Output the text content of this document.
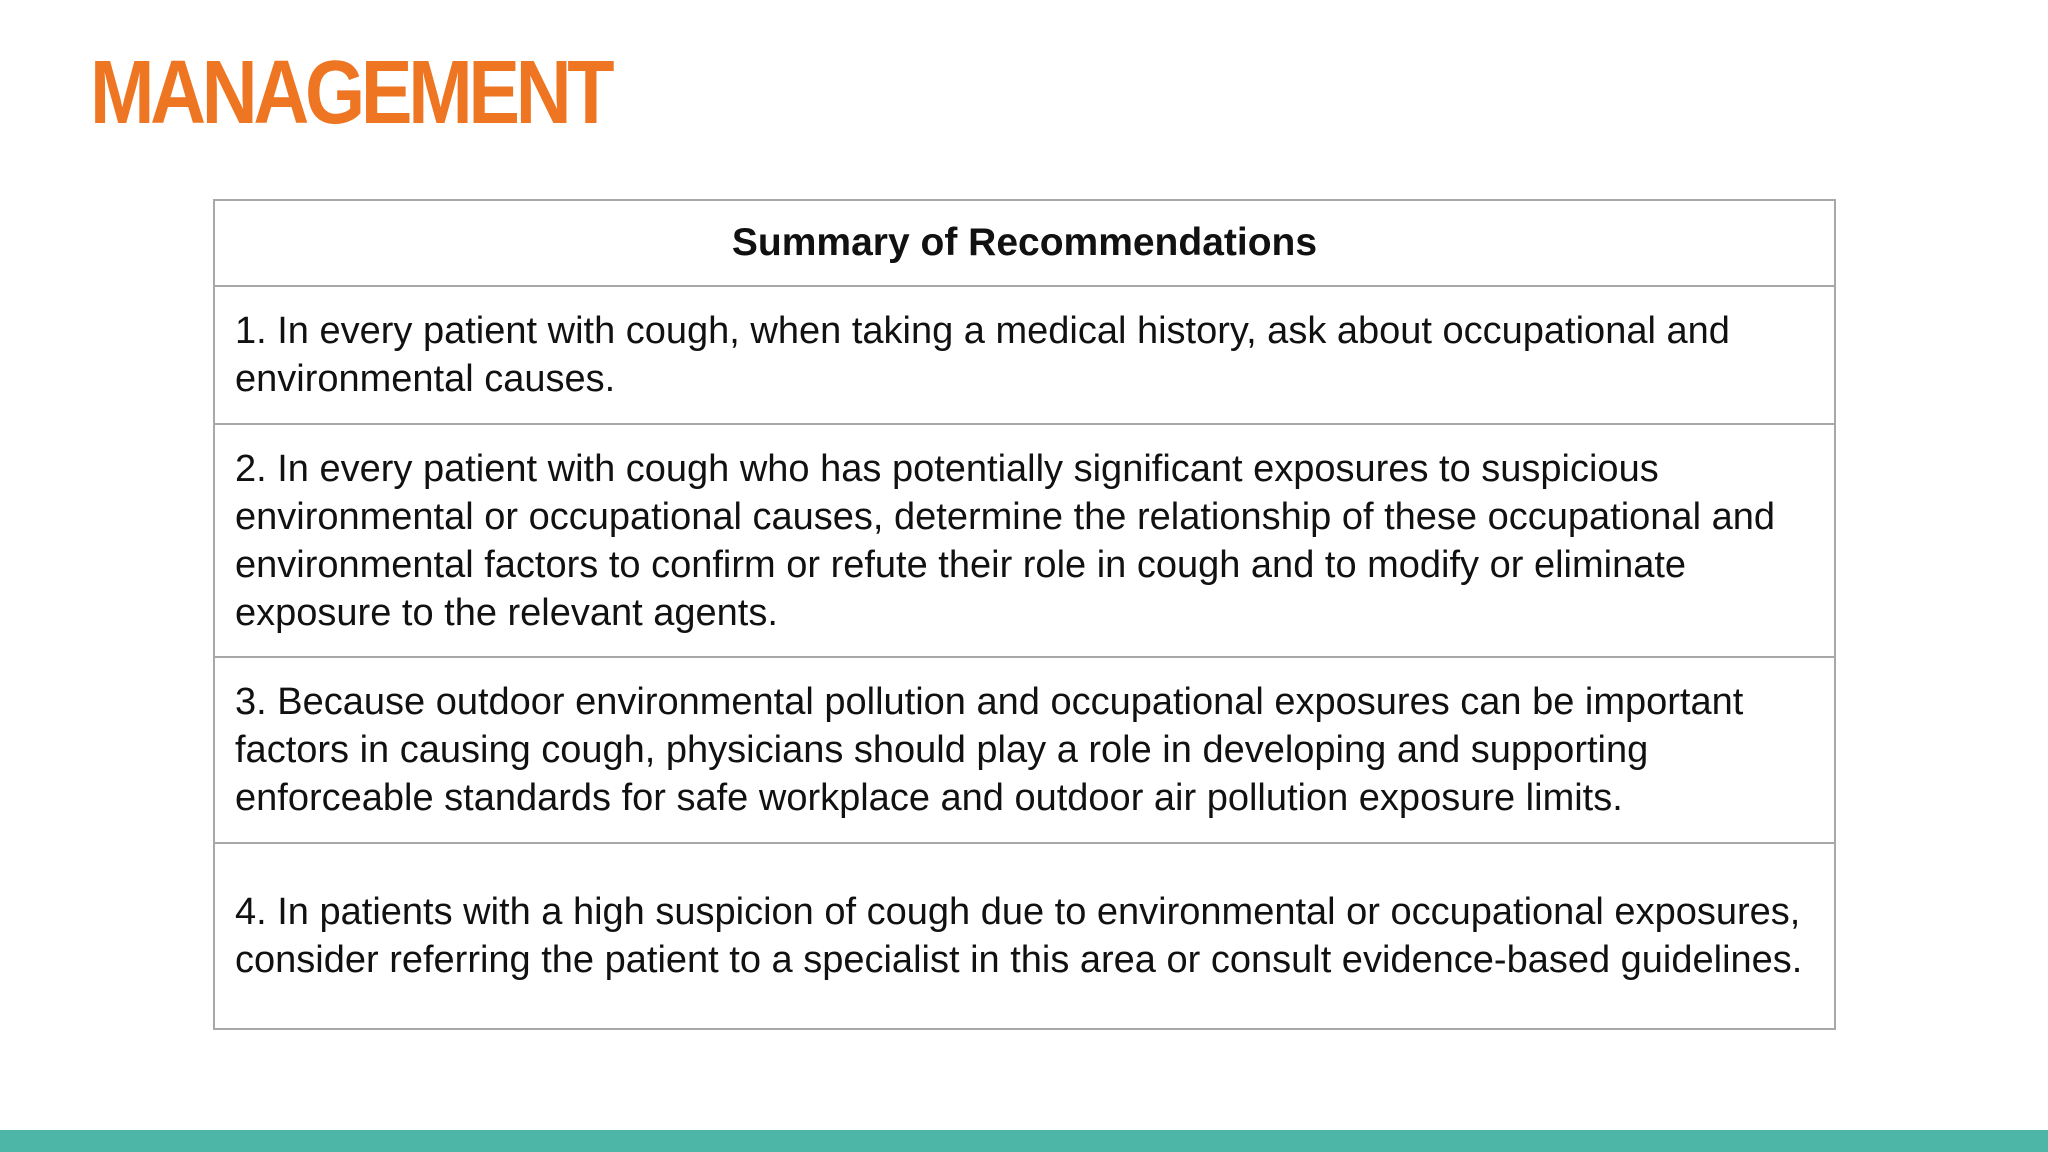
MANAGEMENT
Summary of Recommendations
1. In every patient with cough, when taking a medical history, ask about occupational and environmental causes.
2. In every patient with cough who has potentially significant exposures to suspicious environmental or occupational causes, determine the relationship of these occupational and environmental factors to confirm or refute their role in cough and to modify or eliminate exposure to the relevant agents.
3. Because outdoor environmental pollution and occupational exposures can be important factors in causing cough, physicians should play a role in developing and supporting enforceable standards for safe workplace and outdoor air pollution exposure limits.
4. In patients with a high suspicion of cough due to environmental or occupational exposures, consider referring the patient to a specialist in this area or consult evidence-based guidelines.
